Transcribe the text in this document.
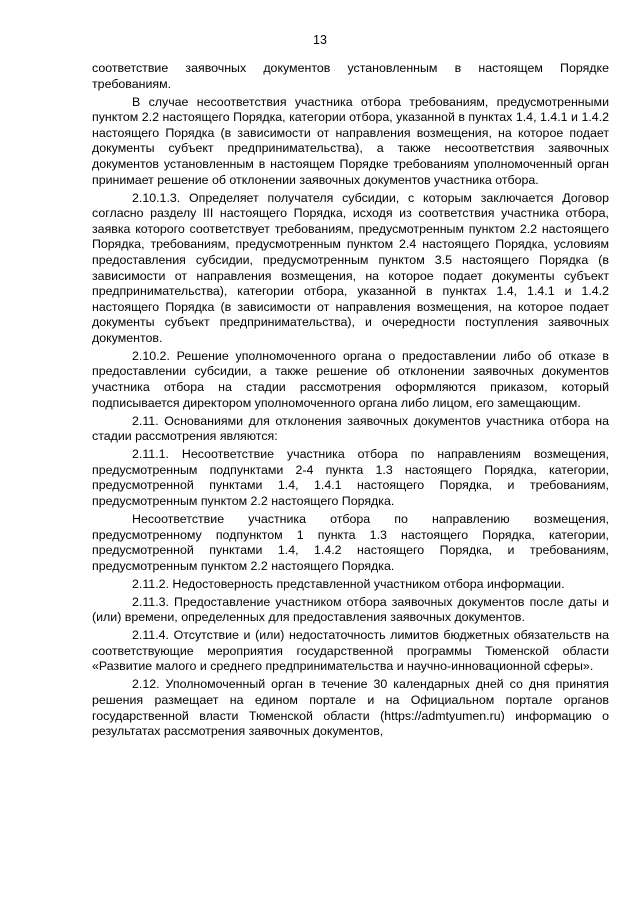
13

соответствие заявочных документов установленным в настоящем Порядке требованиям.

В случае несоответствия участника отбора требованиям, предусмотренными пунктом 2.2 настоящего Порядка, категории отбора, указанной в пунктах 1.4, 1.4.1 и 1.4.2 настоящего Порядка (в зависимости от направления возмещения, на которое подает документы субъект предпринимательства), а также несоответствия заявочных документов установленным в настоящем Порядке требованиям уполномоченный орган принимает решение об отклонении заявочных документов участника отбора.

2.10.1.3. Определяет получателя субсидии, с которым заключается Договор согласно разделу III настоящего Порядка, исходя из соответствия участника отбора, заявка которого соответствует требованиям, предусмотренным пунктом 2.2 настоящего Порядка, требованиям, предусмотренным пунктом 2.4 настоящего Порядка, условиям предоставления субсидии, предусмотренным пунктом 3.5 настоящего Порядка (в зависимости от направления возмещения, на которое подает документы субъект предпринимательства), категории отбора, указанной в пунктах 1.4, 1.4.1 и 1.4.2 настоящего Порядка (в зависимости от направления возмещения, на которое подает документы субъект предпринимательства), и очередности поступления заявочных документов.

2.10.2. Решение уполномоченного органа о предоставлении либо об отказе в предоставлении субсидии, а также решение об отклонении заявочных документов участника отбора на стадии рассмотрения оформляются приказом, который подписывается директором уполномоченного органа либо лицом, его замещающим.

2.11. Основаниями для отклонения заявочных документов участника отбора на стадии рассмотрения являются:

2.11.1. Несоответствие участника отбора по направлениям возмещения, предусмотренным подпунктами 2-4 пункта 1.3 настоящего Порядка, категории, предусмотренной пунктами 1.4, 1.4.1 настоящего Порядка, и требованиям, предусмотренным пунктом 2.2 настоящего Порядка.

Несоответствие участника отбора по направлению возмещения, предусмотренному подпунктом 1 пункта 1.3 настоящего Порядка, категории, предусмотренной пунктами 1.4, 1.4.2 настоящего Порядка, и требованиям, предусмотренным пунктом 2.2 настоящего Порядка.

2.11.2. Недостоверность представленной участником отбора информации.

2.11.3. Предоставление участником отбора заявочных документов после даты и (или) времени, определенных для предоставления заявочных документов.

2.11.4. Отсутствие и (или) недостаточность лимитов бюджетных обязательств на соответствующие мероприятия государственной программы Тюменской области «Развитие малого и среднего предпринимательства и научно-инновационной сферы».

2.12. Уполномоченный орган в течение 30 календарных дней со дня принятия решения размещает на едином портале и на Официальном портале органов государственной власти Тюменской области (https://admtyumen.ru) информацию о результатах рассмотрения заявочных документов,
